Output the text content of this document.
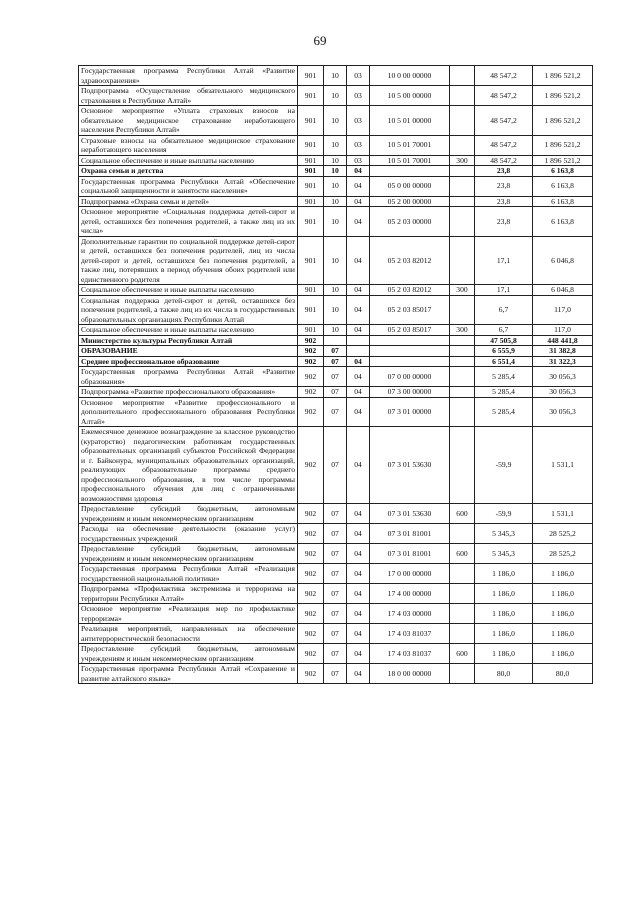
69
Государственная программа Республики Алтай «Развитие здравоохранения»	901	10	03	10 0 00 00000		48 547,2	1 896 521,2
Подпрограмма «Осуществление обязательного медицинского страхования в Республике Алтай»	901	10	03	10 5 00 00000		48 547,2	1 896 521,2
Основное мероприятие «Уплата страховых взносов на обязательное медицинское страхование неработающего населения Республики Алтай»	901	10	03	10 5 01 00000		48 547,2	1 896 521,2
Страховые взносы на обязательное медицинское страхование неработающего населения	901	10	03	10 5 01 70001		48 547,2	1 896 521,2
Социальное обеспечение и иные выплаты населению	901	10	03	10 5 01 70001	300	48 547,2	1 896 521,2
Охрана семьи и детства	901	10	04			23,8	6 163,8
Государственная программа Республики Алтай «Обеспечение социальной защищенности и занятости населения»	901	10	04	05 0 00 00000		23,8	6 163,8
Подпрограмма «Охрана семьи и детей»	901	10	04	05 2 00 00000		23,8	6 163,8
Основное мероприятие «Социальная поддержка детей-сирот и детей, оставшихся без попечения родителей, а также лиц из их числа»	901	10	04	05 2 03 00000		23,8	6 163,8
Дополнительные гарантии по социальной поддержке детей-сирот и детей, оставшихся без попечения родителей, лиц из числа детей-сирот и детей, оставшихся без попечения родителей, а также лиц, потерявших в период обучения обоих родителей или единственного родителя	901	10	04	05 2 03 82012		17,1	6 046,8
Социальное обеспечение и иные выплаты населению	901	10	04	05 2 03 82012	300	17,1	6 046,8
Социальная поддержка детей-сирот и детей, оставшихся без попечения родителей, а также лиц из их числа в государственных образовательных организациях Республики Алтай	901	10	04	05 2 03 85017		6,7	117,0
Социальное обеспечение и иные выплаты населению	901	10	04	05 2 03 85017	300	6,7	117,0
Министерство культуры Республики Алтай	902					47 505,8	448 441,8
ОБРАЗОВАНИЕ	902	07				6 555,9	31 382,8
Среднее профессиональное образование	902	07	04			6 551,4	31 322,3
Государственная программа Республики Алтай «Развитие образования»	902	07	04	07 0 00 00000		5 285,4	30 056,3
Подпрограмма «Развитие профессионального образования»	902	07	04	07 3 00 00000		5 285,4	30 056,3
Основное мероприятие «Развитие профессионального и дополнительного профессионального образования Республики Алтай»	902	07	04	07 3 01 00000		5 285,4	30 056,3
Ежемесячное денежное вознаграждение за классное руководство (кураторство) педагогическим работникам государственных образовательных организаций субъектов Российской Федерации и г. Байконура, муниципальных образовательных организаций, реализующих образовательные программы среднего профессионального образования, в том числе программы профессионального обучения для лиц с ограниченными возможностями здоровья	902	07	04	07 3 01 53630		-59,9	1 531,1
Предоставление субсидий бюджетным, автономным учреждениям и иным некоммерческим организациям	902	07	04	07 3 01 53630	600	-59,9	1 531,1
Расходы на обеспечение деятельности (оказание услуг) государственных учреждений	902	07	04	07 3 01 81001		5 345,3	28 525,2
Предоставление субсидий бюджетным, автономным учреждениям и иным некоммерческим организациям	902	07	04	07 3 01 81001	600	5 345,3	28 525,2
Государственная программа Республики Алтай «Реализация государственной национальной политики»	902	07	04	17 0 00 00000		1 186,0	1 186,0
Подпрограмма «Профилактика экстремизма и терроризма на территории Республики Алтай»	902	07	04	17 4 00 00000		1 186,0	1 186,0
Основное мероприятие «Реализация мер по профилактике терроризма»	902	07	04	17 4 03 00000		1 186,0	1 186,0
Реализация мероприятий, направленных на обеспечение антитеррористической безопасности	902	07	04	17 4 03 81037		1 186,0	1 186,0
Предоставление субсидий бюджетным, автономным учреждениям и иным некоммерческим организациям	902	07	04	17 4 03 81037	600	1 186,0	1 186,0
Государственная программа Республики Алтай «Сохранение и развитие алтайского языка»	902	07	04	18 0 00 00000		80,0	80,0
